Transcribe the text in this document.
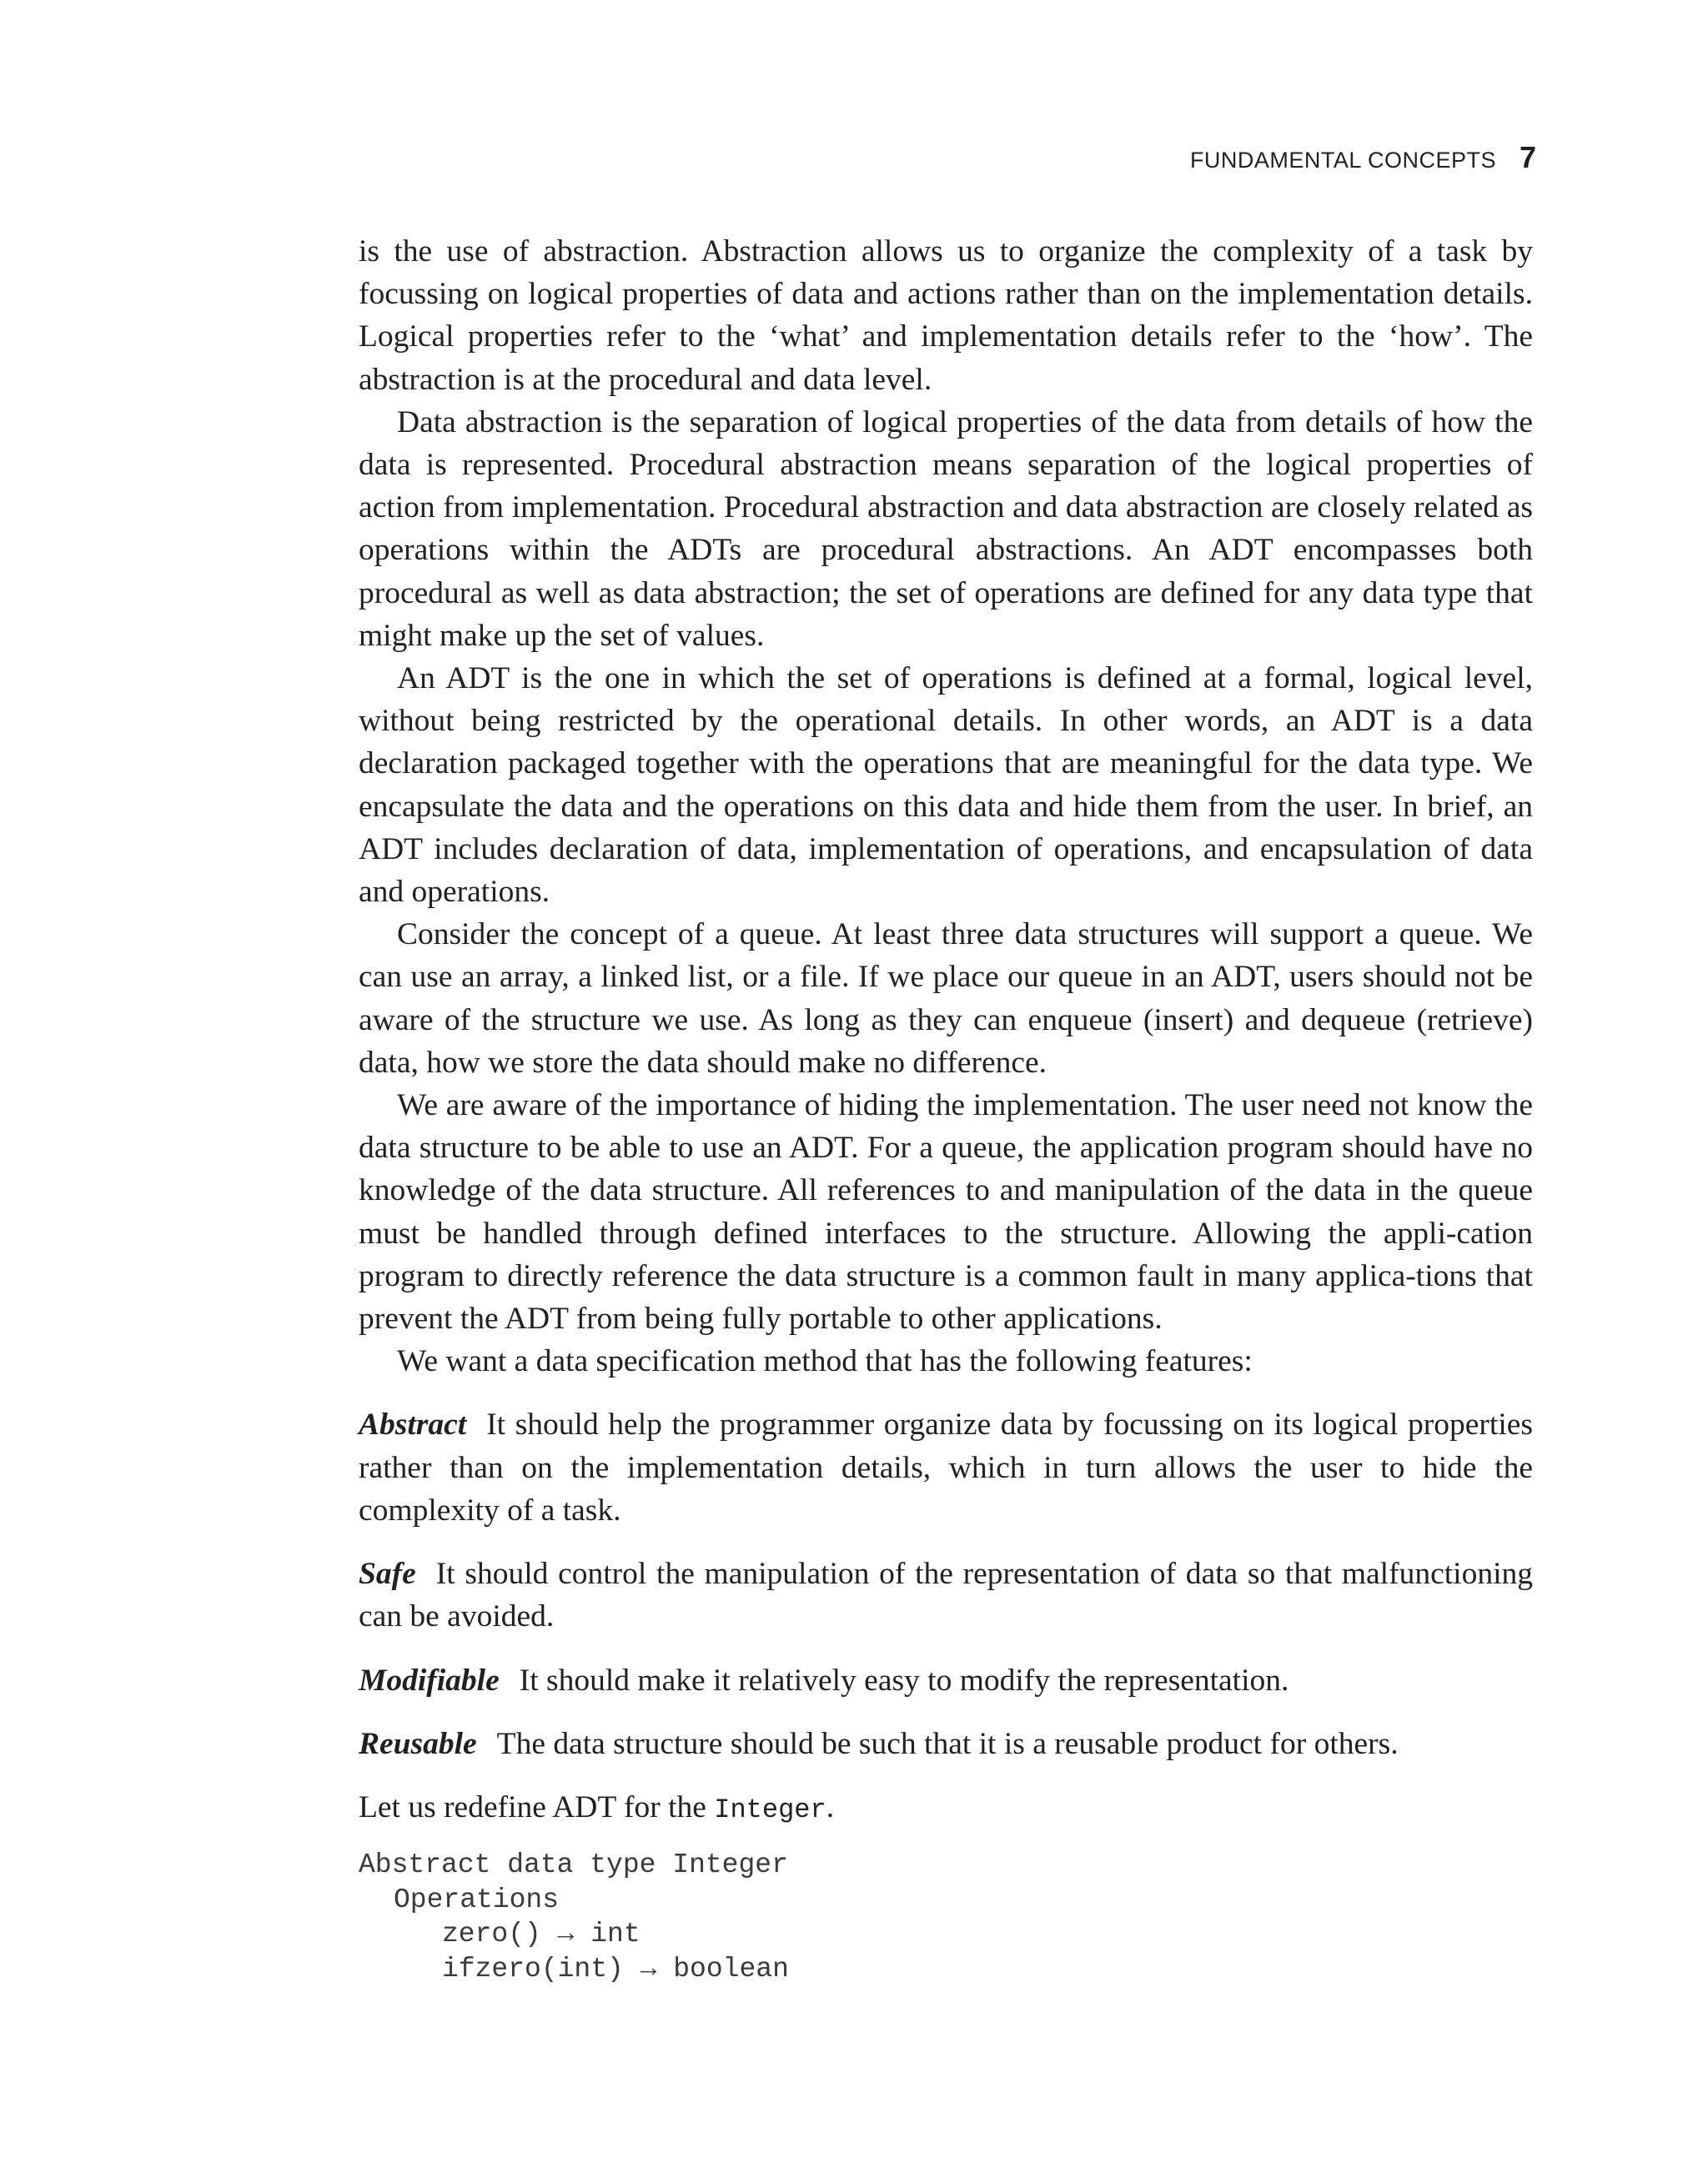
FUNDAMENTAL CONCEPTS 7

is the use of abstraction. Abstraction allows us to organize the complexity of a task by focussing on logical properties of data and actions rather than on the implementation details. Logical properties refer to the ‘what’ and implementation details refer to the ‘how’. The abstraction is at the procedural and data level.

Data abstraction is the separation of logical properties of the data from details of how the data is represented. Procedural abstraction means separation of the logical properties of action from implementation. Procedural abstraction and data abstraction are closely related as operations within the ADTs are procedural abstractions. An ADT encompasses both procedural as well as data abstraction; the set of operations are defined for any data type that might make up the set of values.

An ADT is the one in which the set of operations is defined at a formal, logical level, without being restricted by the operational details. In other words, an ADT is a data declaration packaged together with the operations that are meaningful for the data type. We encapsulate the data and the operations on this data and hide them from the user. In brief, an ADT includes declaration of data, implementation of operations, and encapsulation of data and operations.

Consider the concept of a queue. At least three data structures will support a queue. We can use an array, a linked list, or a file. If we place our queue in an ADT, users should not be aware of the structure we use. As long as they can enqueue (insert) and dequeue (retrieve) data, how we store the data should make no difference.

We are aware of the importance of hiding the implementation. The user need not know the data structure to be able to use an ADT. For a queue, the application program should have no knowledge of the data structure. All references to and manipulation of the data in the queue must be handled through defined interfaces to the structure. Allowing the appli-cation program to directly reference the data structure is a common fault in many applica-tions that prevent the ADT from being fully portable to other applications.

We want a data specification method that has the following features:

Abstract It should help the programmer organize data by focussing on its logical properties rather than on the implementation details, which in turn allows the user to hide the complexity of a task.

Safe It should control the manipulation of the representation of data so that malfunctioning can be avoided.

Modifiable It should make it relatively easy to modify the representation.

Reusable The data structure should be such that it is a reusable product for others.

Let us redefine ADT for the Integer.

Abstract data type Integer
Operations
zero() → int
ifzero(int) → boolean
